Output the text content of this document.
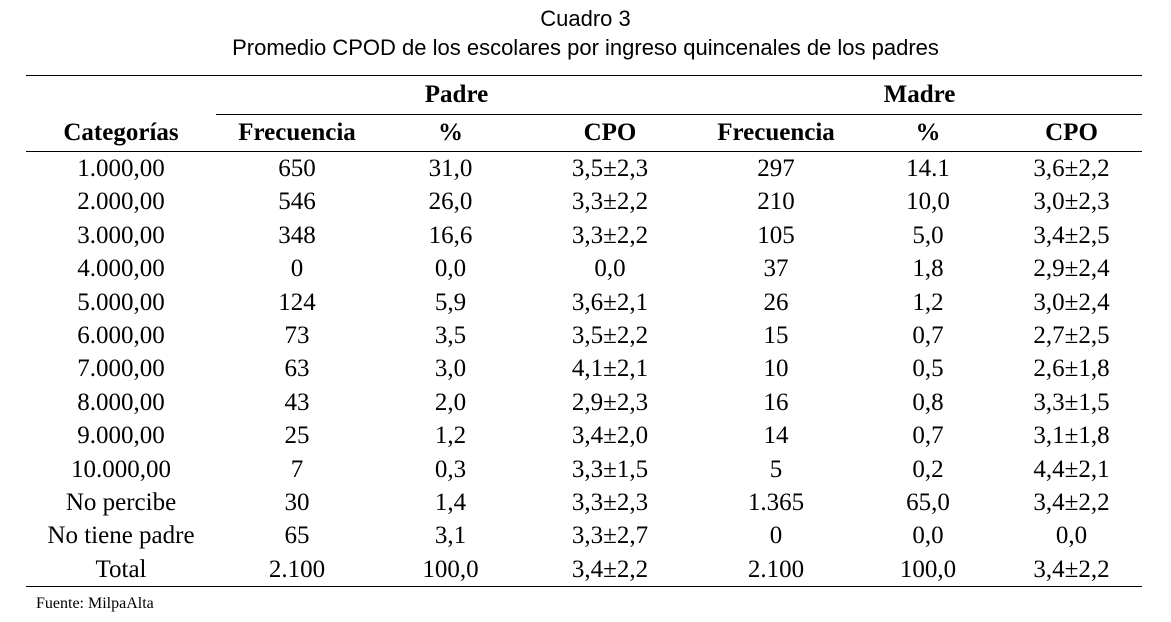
Cuadro 3
Promedio CPOD de los escolares por ingreso quincenales de los padres
	Padre			Madre		
Categorías	Frecuencia	%	CPO	Frecuencia	%	CPO
1.000,00	650	31,0	3,5±2,3	297	14.1	3,6±2,2
2.000,00	546	26,0	3,3±2,2	210	10,0	3,0±2,3
3.000,00	348	16,6	3,3±2,2	105	5,0	3,4±2,5
4.000,00	0	0,0	0,0	37	1,8	2,9±2,4
5.000,00	124	5,9	3,6±2,1	26	1,2	3,0±2,4
6.000,00	73	3,5	3,5±2,2	15	0,7	2,7±2,5
7.000,00	63	3,0	4,1±2,1	10	0,5	2,6±1,8
8.000,00	43	2,0	2,9±2,3	16	0,8	3,3±1,5
9.000,00	25	1,2	3,4±2,0	14	0,7	3,1±1,8
10.000,00	7	0,3	3,3±1,5	5	0,2	4,4±2,1
No percibe	30	1,4	3,3±2,3	1.365	65,0	3,4±2,2
No tiene padre	65	3,1	3,3±2,7	0	0,0	0,0
Total	2.100	100,0	3,4±2,2	2.100	100,0	3,4±2,2
Fuente: MilpaAlta
